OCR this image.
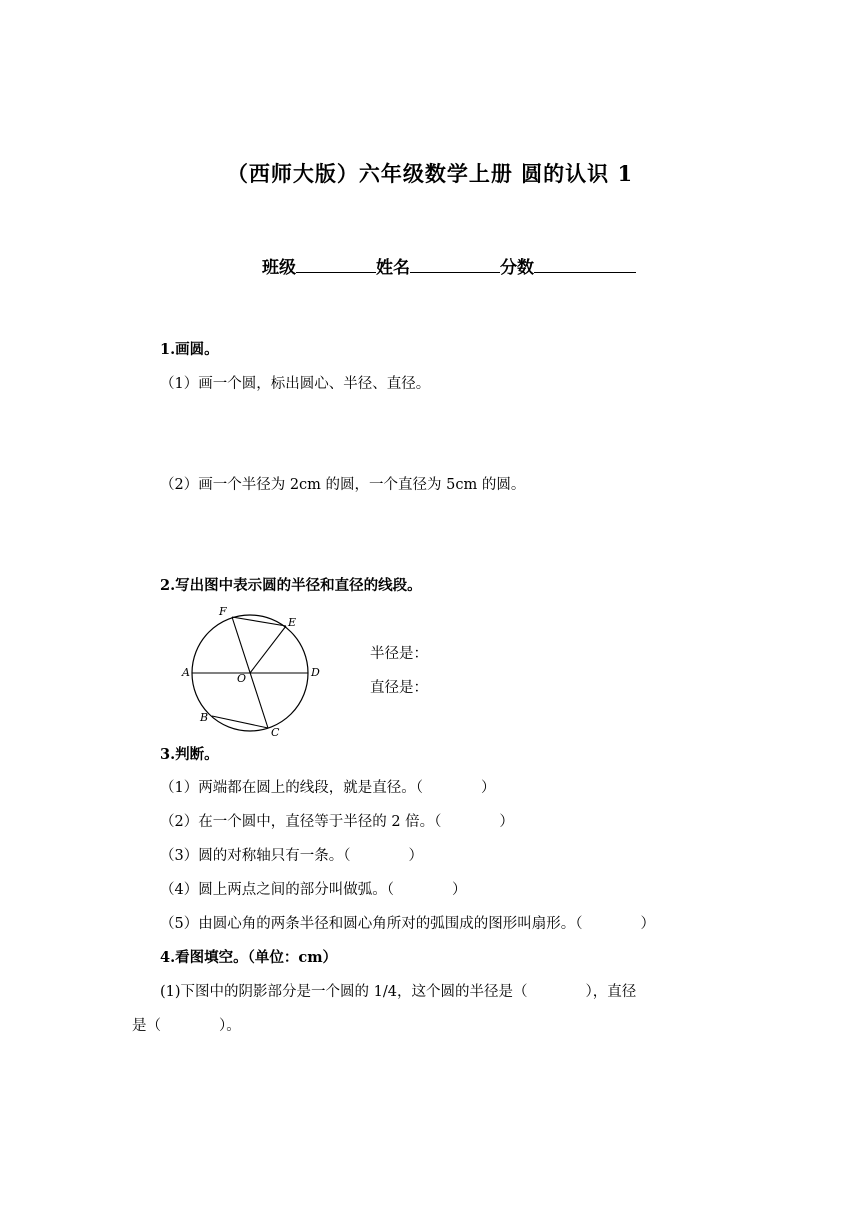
（西师大版）六年级数学上册 圆的认识 1
班级	姓名	分数
1.画圆。
（1）画一个圆，标出圆心、半径、直径。
（2）画一个半径为 2cm 的圆，一个直径为 5cm 的圆。
2.写出图中表示圆的半径和直径的线段。
F
E
A	O	D
B
C
半径是：
直径是：
3.判断。
（1）两端都在圆上的线段，就是直径。（　　　　）
（2）在一个圆中，直径等于半径的 2 倍。（　　　　）
（3）圆的对称轴只有一条。（　　　　）
（4）圆上两点之间的部分叫做弧。（　　　　）
（5）由圆心角的两条半径和圆心角所对的弧围成的图形叫扇形。（　　　　）
4.看图填空。（单位：cm）
(1)下图中的阴影部分是一个圆的 1/4，这个圆的半径是（　　　　），直径
是（　　　　）。
